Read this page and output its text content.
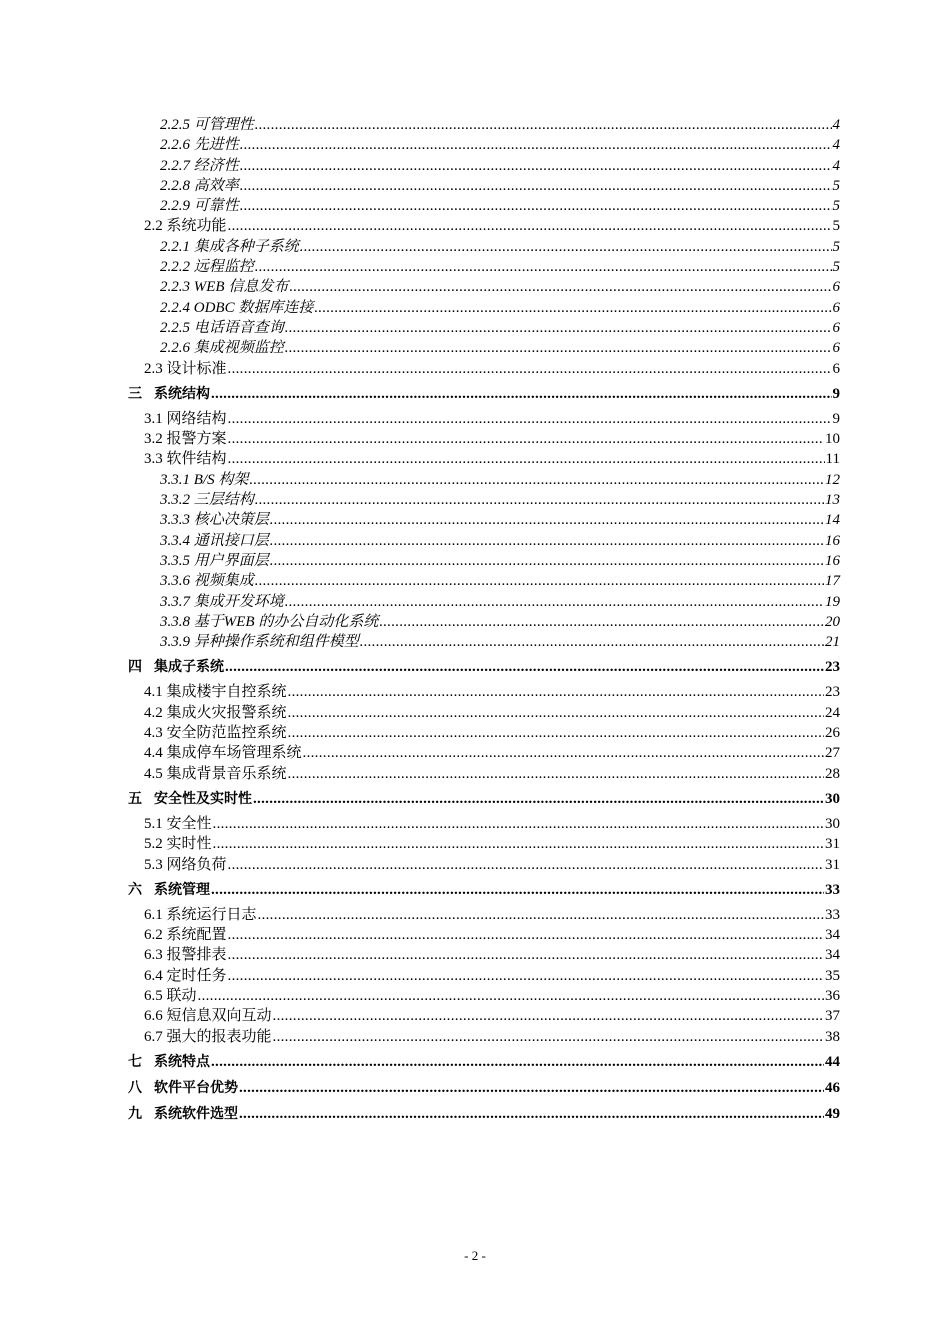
2.2.5 可管理性 .....	4
2.2.6 先进性 .....	4
2.2.7 经济性 .....	4
2.2.8 高效率 .....	5
2.2.9 可靠性 .....	5
2.2 系统功能 .....	5
2.2.1 集成各种子系统 .....	5
2.2.2 远程监控 .....	5
2.2.3 WEB 信息发布 .....	6
2.2.4 ODBC 数据库连接 .....	6
2.2.5 电话语音查询 .....	6
2.2.6 集成视频监控 .....	6
2.3 设计标准 .....	6
三 系统结构 .....	9
3.1 网络结构 .....	9
3.2 报警方案 .....	10
3.3 软件结构 .....	11
3.3.1 B/S 构架 .....	12
3.3.2 三层结构 .....	13
3.3.3 核心决策层 .....	14
3.3.4 通讯接口层 .....	16
3.3.5 用户界面层 .....	16
3.3.6 视频集成 .....	17
3.3.7 集成开发环境 .....	19
3.3.8 基于WEB 的办公自动化系统 .....	20
3.3.9 异种操作系统和组件模型 .....	21
四 集成子系统 .....	23
4.1 集成楼宇自控系统 .....	23
4.2 集成火灾报警系统 .....	24
4.3 安全防范监控系统 .....	26
4.4 集成停车场管理系统 .....	27
4.5 集成背景音乐系统 .....	28
五 安全性及实时性 .....	30
5.1 安全性 .....	30
5.2 实时性 .....	31
5.3 网络负荷 .....	31
六 系统管理 .....	33
6.1 系统运行日志 .....	33
6.2 系统配置 .....	34
6.3 报警排表 .....	34
6.4 定时任务 .....	35
6.5 联动 .....	36
6.6 短信息双向互动 .....	37
6.7 强大的报表功能 .....	38
七 系统特点 .....	44
八 软件平台优势 .....	46
九 系统软件选型 .....	49
- 2 -
